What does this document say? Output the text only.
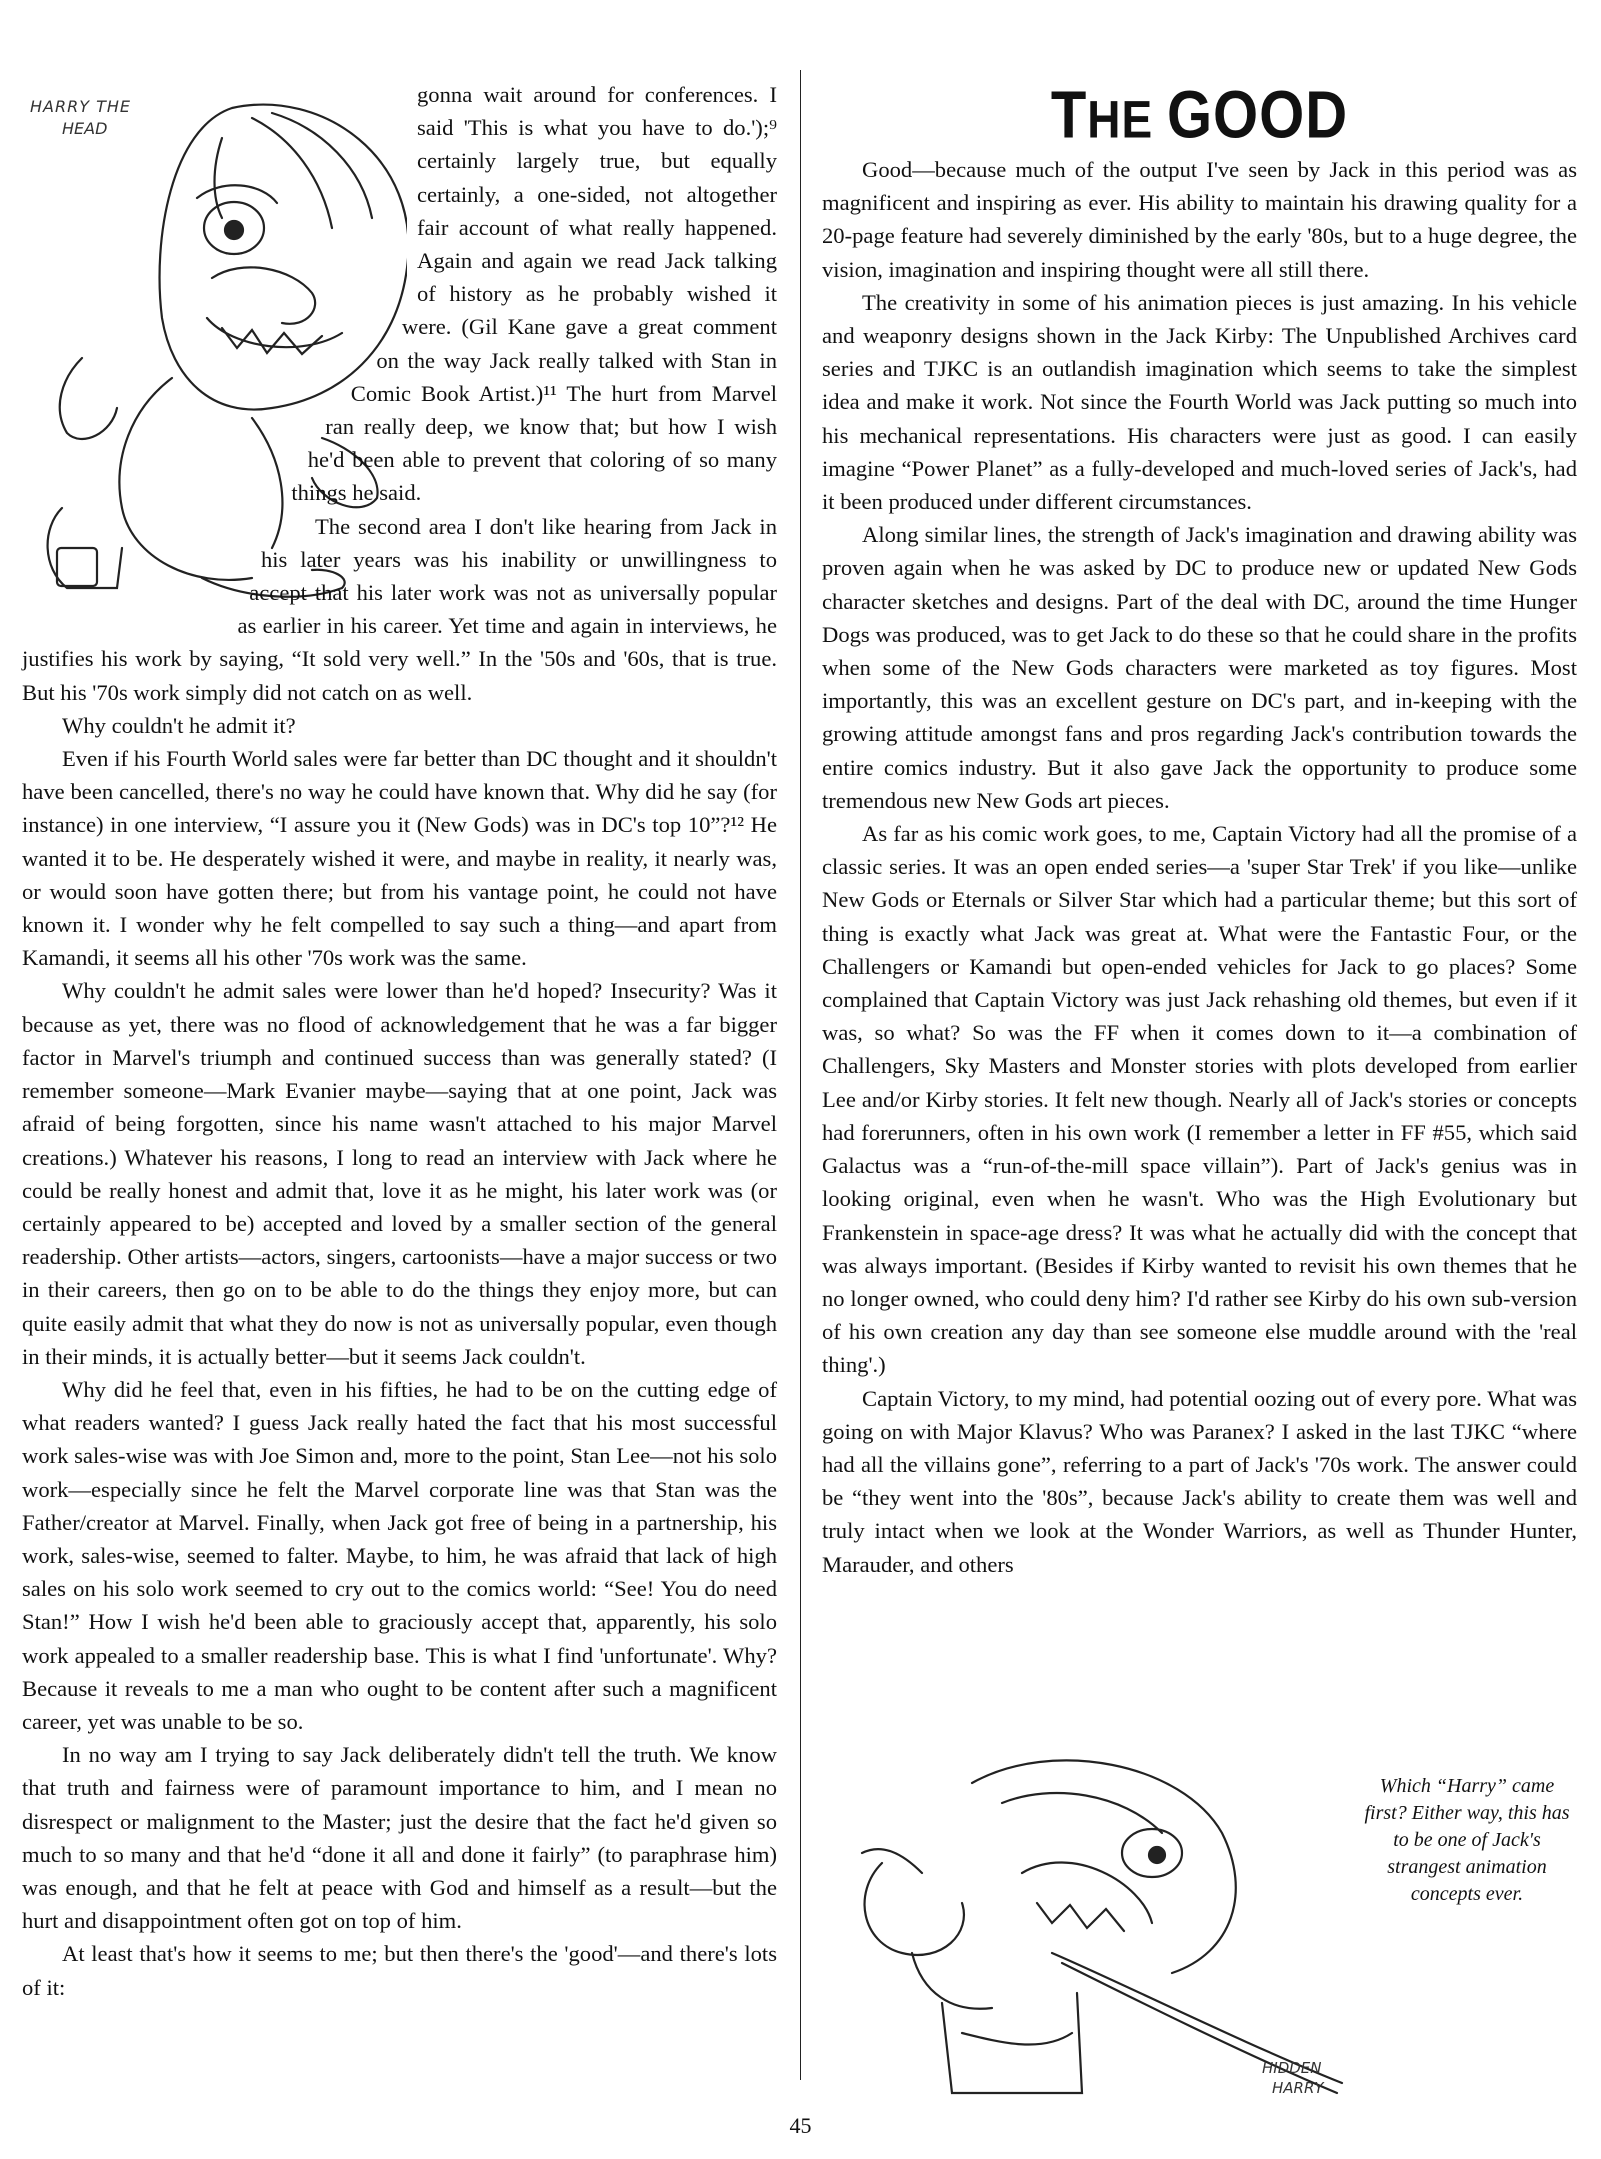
HARRY THE
HEAD

gonna wait around for conferences. I said 'This is what you have to do.');⁹ certainly largely true, but equally certainly, a one-sided, not altogether fair account of what really happened. Again and again we read Jack talking of history as he probably wished it were. (Gil Kane gave a great comment on the way Jack really talked with Stan in Comic Book Artist.)¹¹ The hurt from Marvel ran really deep, we know that; but how I wish he'd been able to prevent that coloring of so many things he said.

The second area I don't like hearing from Jack in his later years was his inability or unwillingness to accept that his later work was not as universally popular as earlier in his career. Yet time and again in interviews, he justifies his work by saying, “It sold very well.” In the '50s and '60s, that is true. But his '70s work simply did not catch on as well.

Why couldn't he admit it?

Even if his Fourth World sales were far better than DC thought and it shouldn't have been cancelled, there's no way he could have known that. Why did he say (for instance) in one interview, “I assure you it (New Gods) was in DC's top 10”?¹² He wanted it to be. He desperately wished it were, and maybe in reality, it nearly was, or would soon have gotten there; but from his vantage point, he could not have known it. I wonder why he felt compelled to say such a thing—and apart from Kamandi, it seems all his other '70s work was the same.

Why couldn't he admit sales were lower than he'd hoped? Insecurity? Was it because as yet, there was no flood of acknowledgement that he was a far bigger factor in Marvel's triumph and continued success than was generally stated? (I remember someone—Mark Evanier maybe—saying that at one point, Jack was afraid of being forgotten, since his name wasn't attached to his major Marvel creations.) Whatever his reasons, I long to read an interview with Jack where he could be really honest and admit that, love it as he might, his later work was (or certainly appeared to be) accepted and loved by a smaller section of the general readership. Other artists—actors, singers, cartoonists—have a major success or two in their careers, then go on to be able to do the things they enjoy more, but can quite easily admit that what they do now is not as universally popular, even though in their minds, it is actually better—but it seems Jack couldn't.

Why did he feel that, even in his fifties, he had to be on the cutting edge of what readers wanted? I guess Jack really hated the fact that his most successful work sales-wise was with Joe Simon and, more to the point, Stan Lee—not his solo work—especially since he felt the Marvel corporate line was that Stan was the Father/creator at Marvel. Finally, when Jack got free of being in a partnership, his work, sales-wise, seemed to falter. Maybe, to him, he was afraid that lack of high sales on his solo work seemed to cry out to the comics world: “See! You do need Stan!” How I wish he'd been able to graciously accept that, apparently, his solo work appealed to a smaller readership base. This is what I find 'unfortunate'. Why? Because it reveals to me a man who ought to be content after such a magnificent career, yet was unable to be so.

In no way am I trying to say Jack deliberately didn't tell the truth. We know that truth and fairness were of paramount importance to him, and I mean no disrespect or malignment to the Master; just the desire that the fact he'd given so much to so many and that he'd “done it all and done it fairly” (to paraphrase him) was enough, and that he felt at peace with God and himself as a result—but the hurt and disappointment often got on top of him.

At least that's how it seems to me; but then there's the 'good'—and there's lots of it:

THE GOOD

Good—because much of the output I've seen by Jack in this period was as magnificent and inspiring as ever. His ability to maintain his drawing quality for a 20-page feature had severely diminished by the early '80s, but to a huge degree, the vision, imagination and inspiring thought were all still there.

The creativity in some of his animation pieces is just amazing. In his vehicle and weaponry designs shown in the Jack Kirby: The Unpublished Archives card series and TJKC is an outlandish imagination which seems to take the simplest idea and make it work. Not since the Fourth World was Jack putting so much into his mechanical representations. His characters were just as good. I can easily imagine “Power Planet” as a fully-developed and much-loved series of Jack's, had it been produced under different circumstances.

Along similar lines, the strength of Jack's imagination and drawing ability was proven again when he was asked by DC to produce new or updated New Gods character sketches and designs. Part of the deal with DC, around the time Hunger Dogs was produced, was to get Jack to do these so that he could share in the profits when some of the New Gods characters were marketed as toy figures. Most importantly, this was an excellent gesture on DC's part, and in-keeping with the growing attitude amongst fans and pros regarding Jack's contribution towards the entire comics industry. But it also gave Jack the opportunity to produce some tremendous new New Gods art pieces.

As far as his comic work goes, to me, Captain Victory had all the promise of a classic series. It was an open ended series—a 'super Star Trek' if you like—unlike New Gods or Eternals or Silver Star which had a particular theme; but this sort of thing is exactly what Jack was great at. What were the Fantastic Four, or the Challengers or Kamandi but open-ended vehicles for Jack to go places? Some complained that Captain Victory was just Jack rehashing old themes, but even if it was, so what? So was the FF when it comes down to it—a combination of Challengers, Sky Masters and Monster stories with plots developed from earlier Lee and/or Kirby stories. It felt new though. Nearly all of Jack's stories or concepts had forerunners, often in his own work (I remember a letter in FF #55, which said Galactus was a “run-of-the-mill space villain”). Part of Jack's genius was in looking original, even when he wasn't. Who was the High Evolutionary but Frankenstein in space-age dress? It was what he actually did with the concept that was always important. (Besides if Kirby wanted to revisit his own themes that he no longer owned, who could deny him? I'd rather see Kirby do his own sub-version of his own creation any day than see someone else muddle around with the 'real thing'.)

Captain Victory, to my mind, had potential oozing out of every pore. What was going on with Major Klavus? Who was Paranex? I asked in the last TJKC “where had all the villains gone”, referring to a part of Jack's '70s work. The answer could be “they went into the '80s”, because Jack's ability to create them was well and truly intact when we look at the Wonder Warriors, as well as Thunder Hunter, Marauder, and others

HIDDEN
HARRY
Which “Harry” came first? Either way, this has to be one of Jack's strangest animation concepts ever.
45
